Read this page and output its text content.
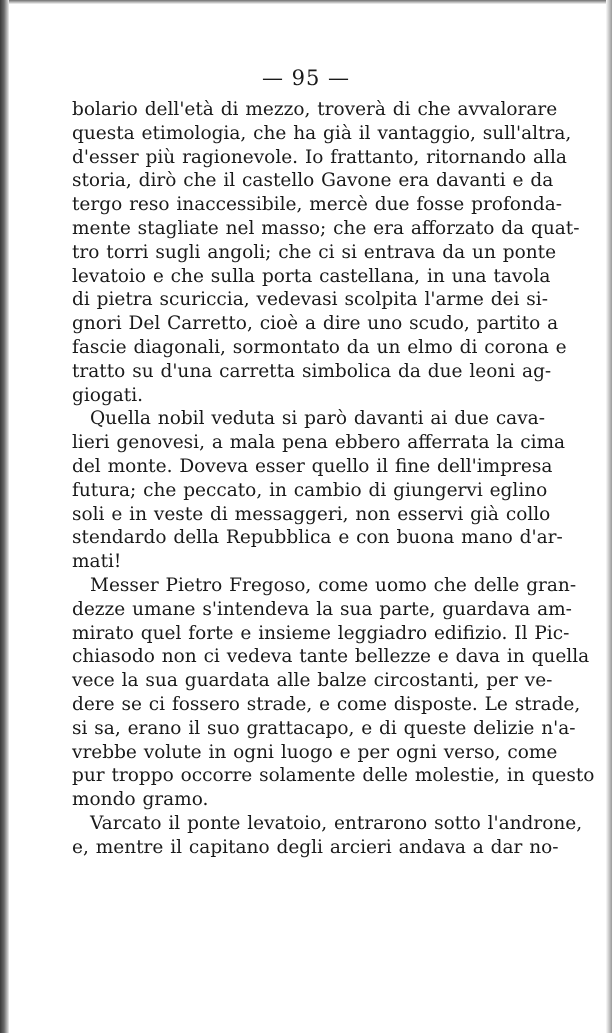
— 95 —
bolario dell'età di mezzo, troverà di che avvalorare
questa etimologia, che ha già il vantaggio, sull'altra,
d'esser più ragionevole. Io frattanto, ritornando alla
storia, dirò che il castello Gavone era davanti e da
tergo reso inaccessibile, mercè due fosse profonda-
mente stagliate nel masso; che era afforzato da quat-
tro torri sugli angoli; che ci si entrava da un ponte
levatoio e che sulla porta castellana, in una tavola
di pietra scuriccia, vedevasi scolpita l'arme dei si-
gnori Del Carretto, cioè a dire uno scudo, partito a
fascie diagonali, sormontato da un elmo di corona e
tratto su d'una carretta simbolica da due leoni ag-
giogati.
Quella nobil veduta si parò davanti ai due cava-
lieri genovesi, a mala pena ebbero afferrata la cima
del monte. Doveva esser quello il fine dell'impresa
futura; che peccato, in cambio di giungervi eglino
soli e in veste di messaggeri, non esservi già collo
stendardo della Repubblica e con buona mano d'ar-
mati!
Messer Pietro Fregoso, come uomo che delle gran-
dezze umane s'intendeva la sua parte, guardava am-
mirato quel forte e insieme leggiadro edifizio. Il Pic-
chiasodo non ci vedeva tante bellezze e dava in quella
vece la sua guardata alle balze circostanti, per ve-
dere se ci fossero strade, e come disposte. Le strade,
si sa, erano il suo grattacapo, e di queste delizie n'a-
vrebbe volute in ogni luogo e per ogni verso, come
pur troppo occorre solamente delle molestie, in questo
mondo gramo.
Varcato il ponte levatoio, entrarono sotto l'androne,
e, mentre il capitano degli arcieri andava a dar no-
